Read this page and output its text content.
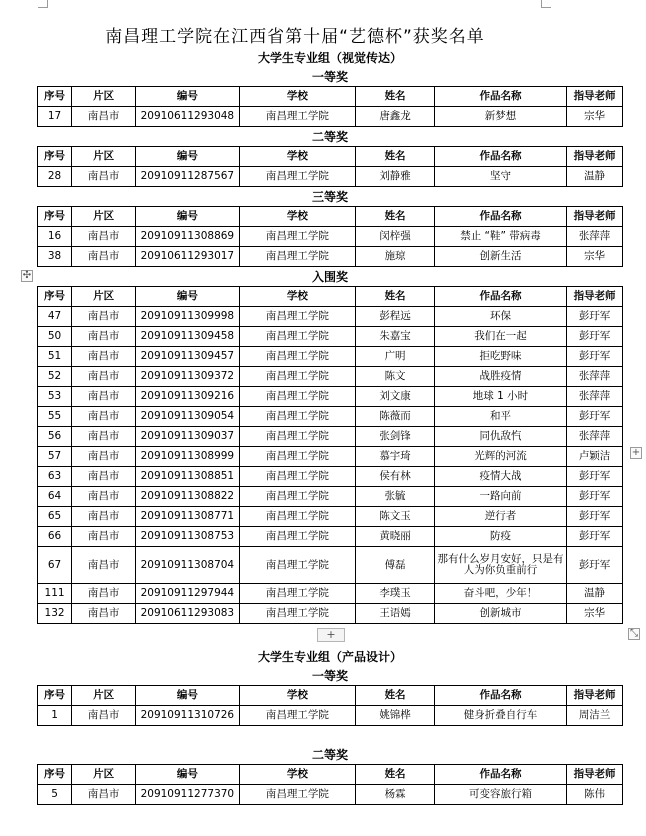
南昌理工学院在江西省第十届“艺德杯”获奖名单
大学生专业组（视觉传达）
一等奖
序号	片区	编号	学校	姓名	作品名称	指导老师
17	南昌市	20910611293048	南昌理工学院	唐鑫龙	新梦想	宗华
二等奖
序号	片区	编号	学校	姓名	作品名称	指导老师
28	南昌市	20910911287567	南昌理工学院	刘静雅	坚守	温静
三等奖
序号	片区	编号	学校	姓名	作品名称	指导老师
16	南昌市	20910911308869	南昌理工学院	闵梓强	禁止 “鞋” 带病毒	张萍萍
38	南昌市	20910611293017	南昌理工学院	施琼	创新生活	宗华
入围奖
序号	片区	编号	学校	姓名	作品名称	指导老师
47	南昌市	20910911309998	南昌理工学院	彭程远	环保	彭玗军
50	南昌市	20910911309458	南昌理工学院	朱嘉宝	我们在一起	彭玗军
51	南昌市	20910911309457	南昌理工学院	广明	拒吃野味	彭玗军
52	南昌市	20910911309372	南昌理工学院	陈文	战胜疫情	张萍萍
53	南昌市	20910911309216	南昌理工学院	刘文康	地球 1 小时	张萍萍
55	南昌市	20910911309054	南昌理工学院	陈薇而	和平	彭玗军
56	南昌市	20910911309037	南昌理工学院	张剑锋	同仇敌忾	张萍萍
57	南昌市	20910911308999	南昌理工学院	慕宇琦	光辉的河流	卢颖洁
63	南昌市	20910911308851	南昌理工学院	侯有林	疫情大战	彭玗军
64	南昌市	20910911308822	南昌理工学院	张毓	一路向前	彭玗军
65	南昌市	20910911308771	南昌理工学院	陈文玉	逆行者	彭玗军
66	南昌市	20910911308753	南昌理工学院	黄晓丽	防疫	彭玗军
67	南昌市	20910911308704	南昌理工学院	傅磊	那有什么岁月安好，只是有人为你负重前行	彭玗军
111	南昌市	20910911297944	南昌理工学院	李璞玉	奋斗吧，少年！	温静
132	南昌市	20910611293083	南昌理工学院	王语嫣	创新城市	宗华
大学生专业组（产品设计）
一等奖
序号	片区	编号	学校	姓名	作品名称	指导老师
1	南昌市	20910911310726	南昌理工学院	姚锦桦	健身折叠自行车	周洁兰
二等奖
序号	片区	编号	学校	姓名	作品名称	指导老师
5	南昌市	20910911277370	南昌理工学院	杨霖	可变容旅行箱	陈伟
✣
+
+
⤡
